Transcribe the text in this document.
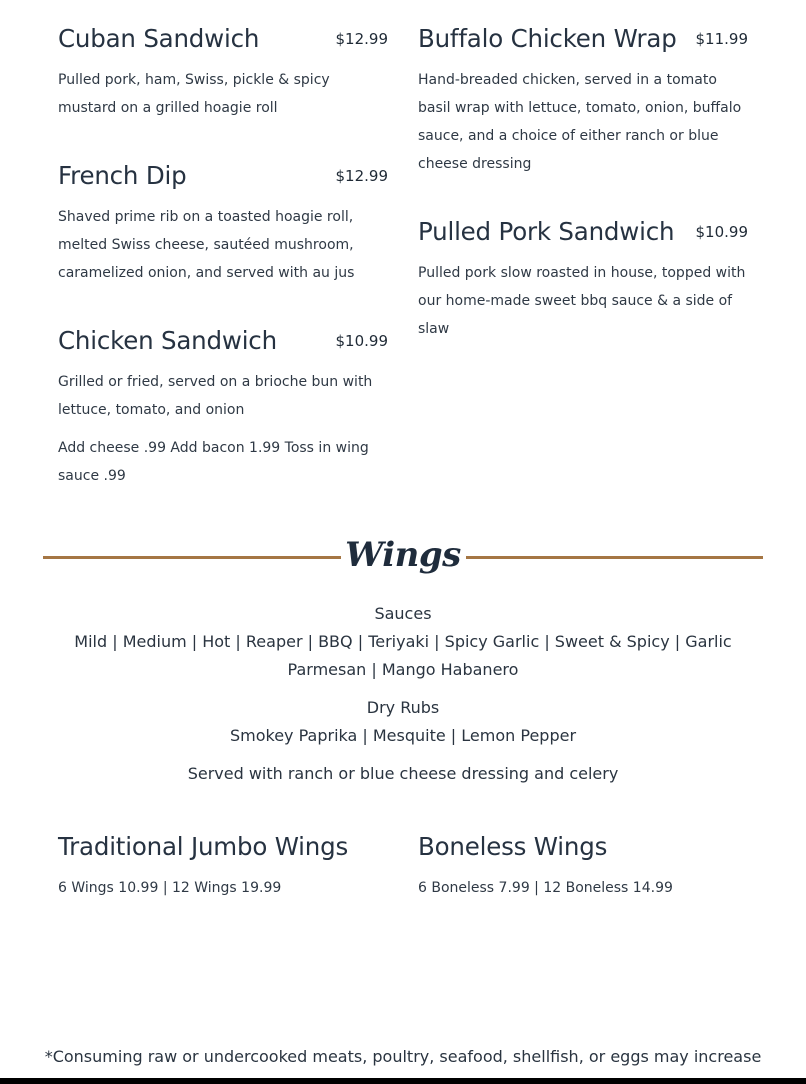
Cuban Sandwich	$12.99

Pulled pork, ham, Swiss, pickle & spicy mustard on a grilled hoagie roll

French Dip	$12.99

Shaved prime rib on a toasted hoagie roll, melted Swiss cheese, sautéed mushroom, caramelized onion, and served with au jus

Chicken Sandwich	$10.99

Grilled or fried, served on a brioche bun with lettuce, tomato, and onion

Add cheese .99 Add bacon 1.99 Toss in wing sauce .99

Buffalo Chicken Wrap $11.99

Hand-breaded chicken, served in a tomato basil wrap with lettuce, tomato, onion, buffalo sauce, and a choice of either ranch or blue cheese dressing

Pulled Pork Sandwich $10.99

Pulled pork slow roasted in house, topped with our home-made sweet bbq sauce & a side of slaw

Wings

Sauces

Mild | Medium | Hot | Reaper | BBQ | Teriyaki | Spicy Garlic | Sweet & Spicy | Garlic Parmesan | Mango Habanero

Dry Rubs

Smokey Paprika | Mesquite | Lemon Pepper

Served with ranch or blue cheese dressing and celery

Traditional Jumbo Wings

6 Wings 10.99 | 12 Wings 19.99

Boneless Wings

6 Boneless 7.99 | 12 Boneless 14.99

*Consuming raw or undercooked meats, poultry, seafood, shellfish, or eggs may increase
